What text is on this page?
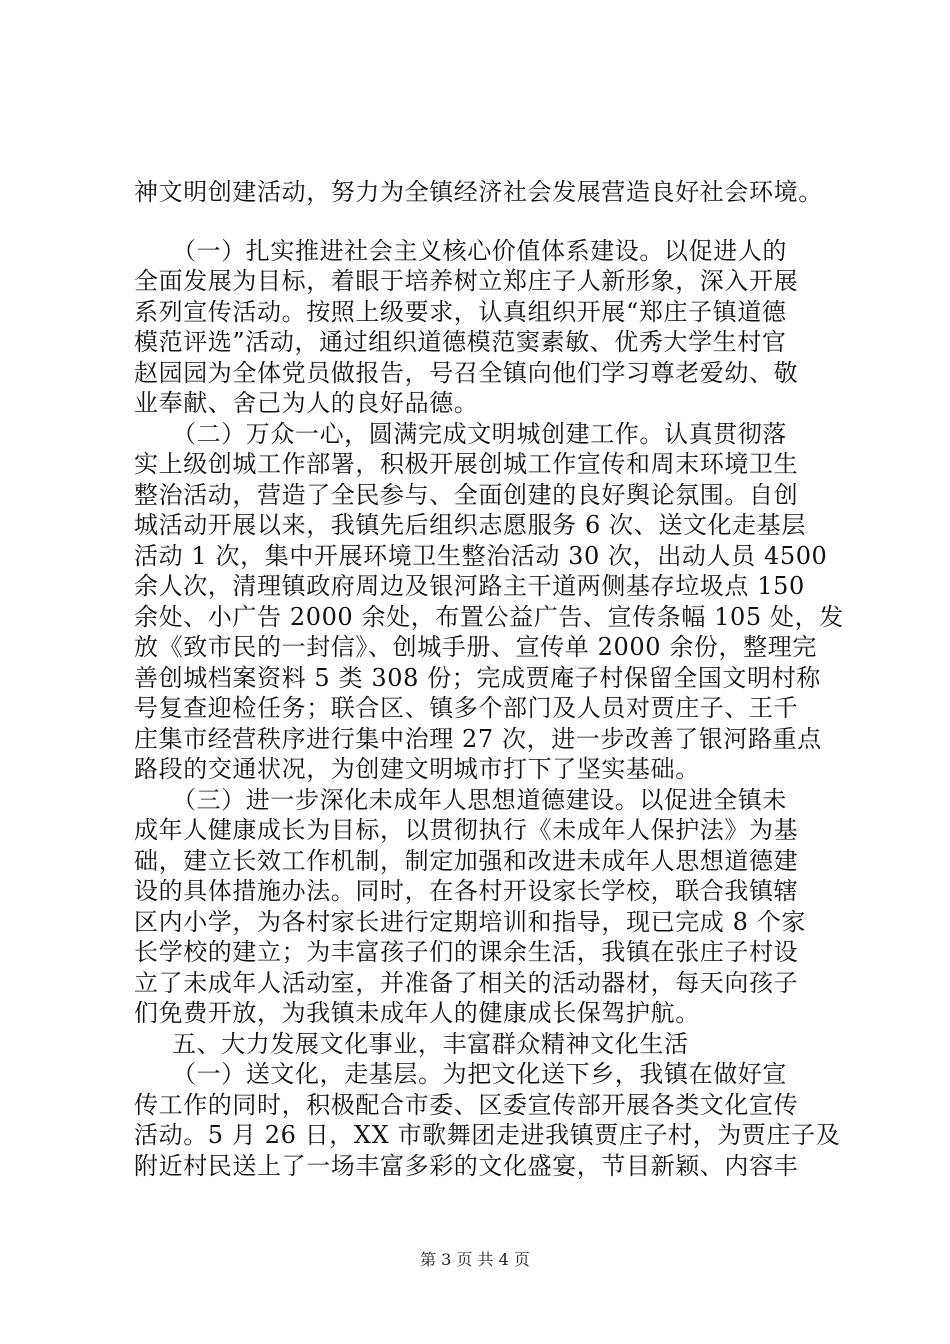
神文明创建活动，努力为全镇经济社会发展营造良好社会环境。
（一）扎实推进社会主义核心价值体系建设。以促进人的
全面发展为目标，着眼于培养树立郑庄子人新形象，深入开展
系列宣传活动。按照上级要求，认真组织开展“郑庄子镇道德
模范评选”活动，通过组织道德模范窦素敏、优秀大学生村官
赵园园为全体党员做报告，号召全镇向他们学习尊老爱幼、敬
业奉献、舍己为人的良好品德。
（二）万众一心，圆满完成文明城创建工作。认真贯彻落
实上级创城工作部署，积极开展创城工作宣传和周末环境卫生
整治活动，营造了全民参与、全面创建的良好舆论氛围。自创
城活动开展以来，我镇先后组织志愿服务 6 次、送文化走基层
活动 1 次，集中开展环境卫生整治活动 30 次，出动人员 4500
余人次，清理镇政府周边及银河路主干道两侧基存垃圾点 150
余处、小广告 2000 余处，布置公益广告、宣传条幅 105 处，发
放《致市民的一封信》、创城手册、宣传单 2000 余份，整理完
善创城档案资料 5 类 308 份；完成贾庵子村保留全国文明村称
号复查迎检任务；联合区、镇多个部门及人员对贾庄子、王千
庄集市经营秩序进行集中治理 27 次，进一步改善了银河路重点
路段的交通状况，为创建文明城市打下了坚实基础。
（三）进一步深化未成年人思想道德建设。以促进全镇未
成年人健康成长为目标，以贯彻执行《未成年人保护法》为基
础，建立长效工作机制，制定加强和改进未成年人思想道德建
设的具体措施办法。同时，在各村开设家长学校，联合我镇辖
区内小学，为各村家长进行定期培训和指导，现已完成 8 个家
长学校的建立；为丰富孩子们的课余生活，我镇在张庄子村设
立了未成年人活动室，并准备了相关的活动器材，每天向孩子
们免费开放，为我镇未成年人的健康成长保驾护航。
五、大力发展文化事业，丰富群众精神文化生活
（一）送文化，走基层。为把文化送下乡，我镇在做好宣
传工作的同时，积极配合市委、区委宣传部开展各类文化宣传
活动。5 月 26 日，XX 市歌舞团走进我镇贾庄子村，为贾庄子及
附近村民送上了一场丰富多彩的文化盛宴，节目新颖、内容丰
第 3 页 共 4 页
